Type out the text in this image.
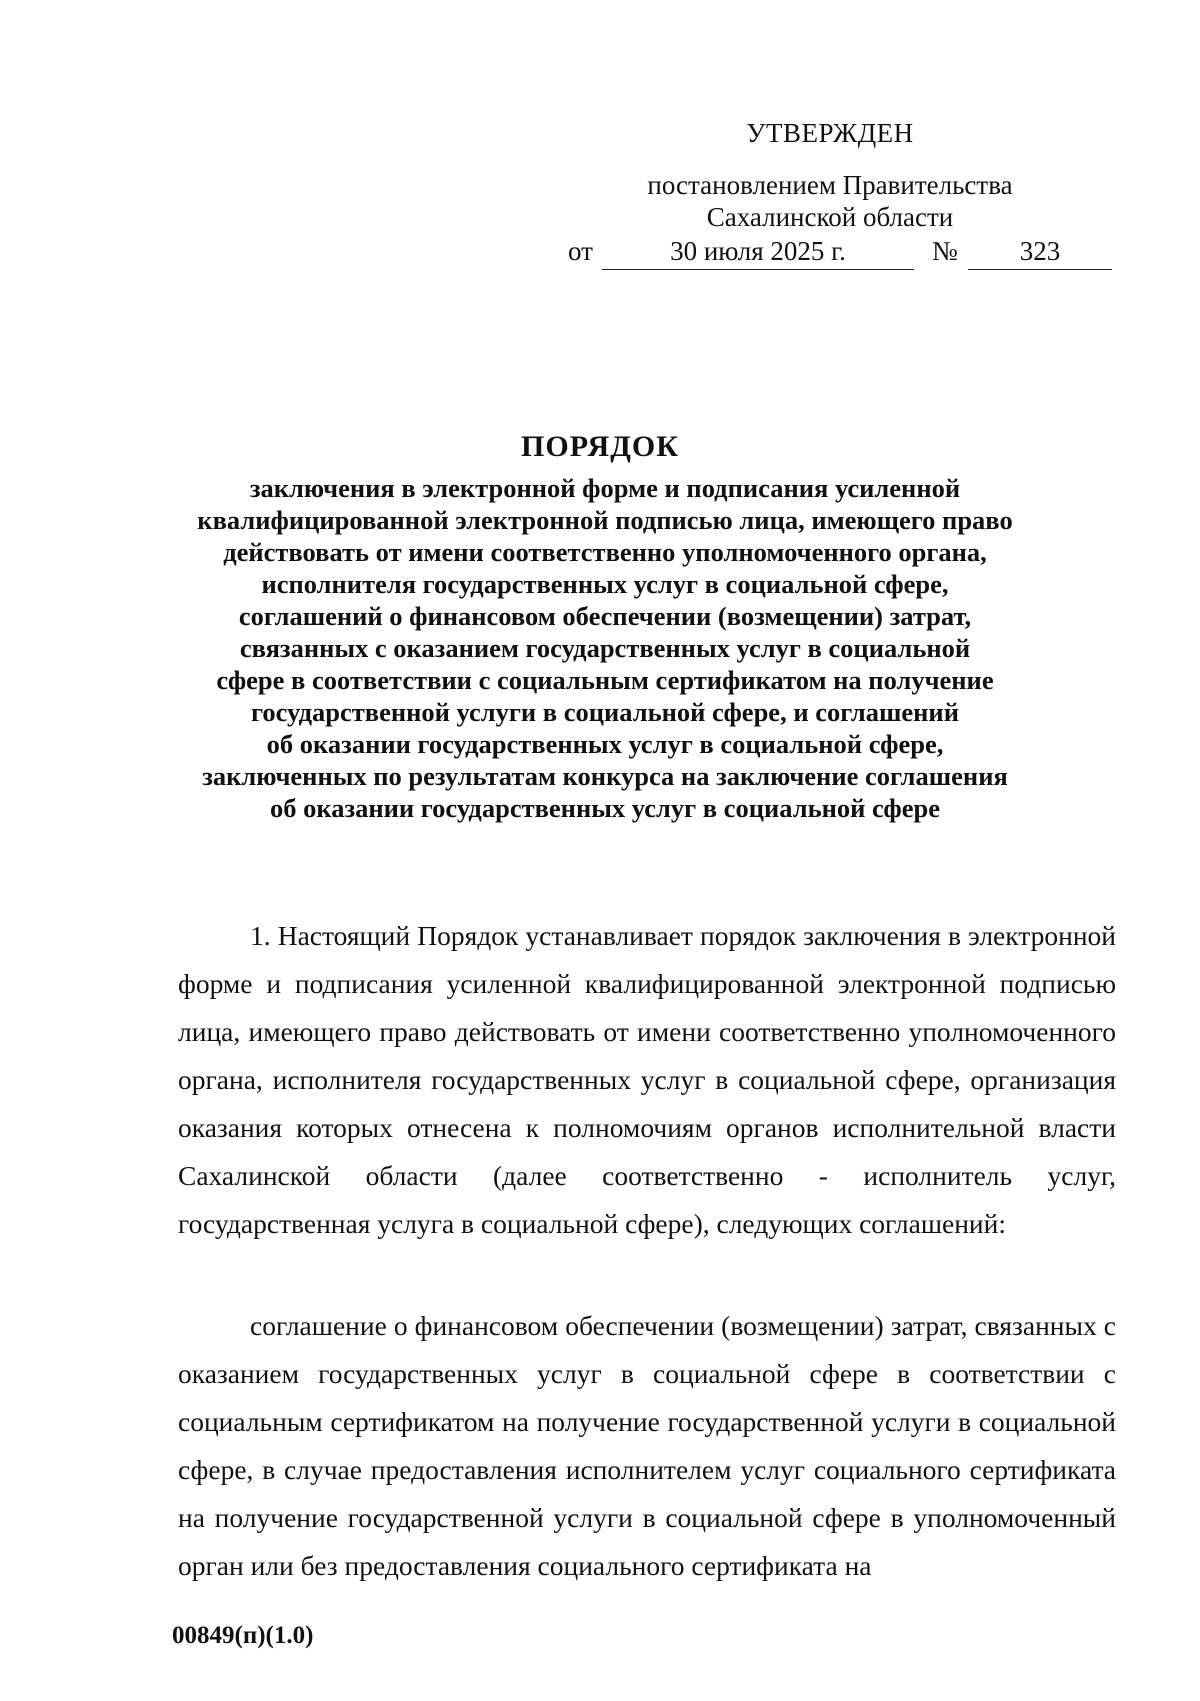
УТВЕРЖДЕН
постановлением Правительства
Сахалинской области
от	30 июля 2025 г.	№	323
ПОРЯДОК
заключения в электронной форме и подписания усиленной
квалифицированной электронной подписью лица, имеющего право
действовать от имени соответственно уполномоченного органа,
исполнителя государственных услуг в социальной сфере,
соглашений о финансовом обеспечении (возмещении) затрат,
связанных с оказанием государственных услуг в социальной
сфере в соответствии с социальным сертификатом на получение
государственной услуги в социальной сфере, и соглашений
об оказании государственных услуг в социальной сфере,
заключенных по результатам конкурса на заключение соглашения
об оказании государственных услуг в социальной сфере

1. Настоящий Порядок устанавливает порядок заключения в электронной форме и подписания усиленной квалифицированной электронной подписью лица, имеющего право действовать от имени соответственно уполномоченного органа, исполнителя государственных услуг в социальной сфере, организация оказания которых отнесена к полномочиям органов исполнительной власти Сахалинской области (далее соответственно - исполнитель услуг, государственная услуга в социальной сфере), следующих соглашений:

соглашение о финансовом обеспечении (возмещении) затрат, связанных с оказанием государственных услуг в социальной сфере в соответствии с социальным сертификатом на получение государственной услуги в социальной сфере, в случае предоставления исполнителем услуг социального сертификата на получение государственной услуги в социальной сфере в уполномоченный орган или без предоставления социального сертификата на

00849(п)(1.0)
